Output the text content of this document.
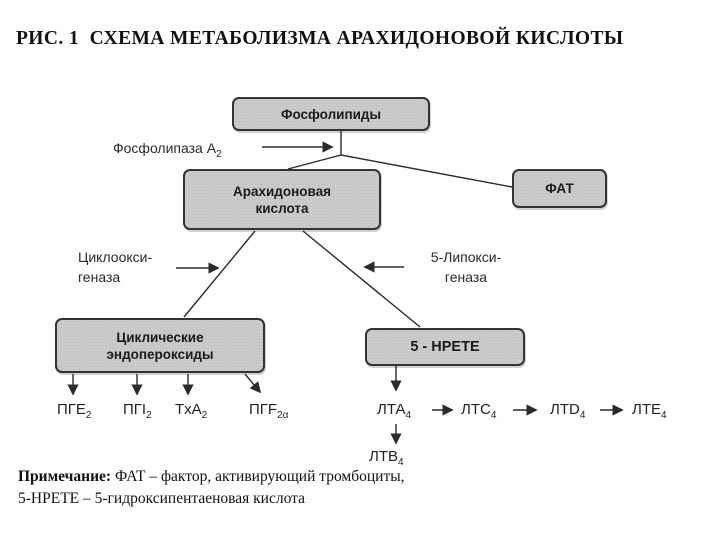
РИС. 1  СХЕМА МЕТАБОЛИЗМА АРАХИДОНОВОЙ КИСЛОТЫ
Фосфолипиды
Арахидоновая
кислота
ФАТ
Циклические
эндопероксиды	5 - HPETE
Фосфолипаза $А_2$
Циклоокси-
геназа
5-Липокси-
геназа
$ПГЕ_2$ $ПГI_2$ TxA$_2$	$ПГF_{2\alpha}$	$ЛТА_4$	$ЛТС_4$	$ЛТD_4$	$ЛТЕ_4$
$ЛТВ_4$
Примечание: ФАТ – фактор, активирующий тромбоциты,
5-HPETE – 5-гидроксипентаеновая кислота
